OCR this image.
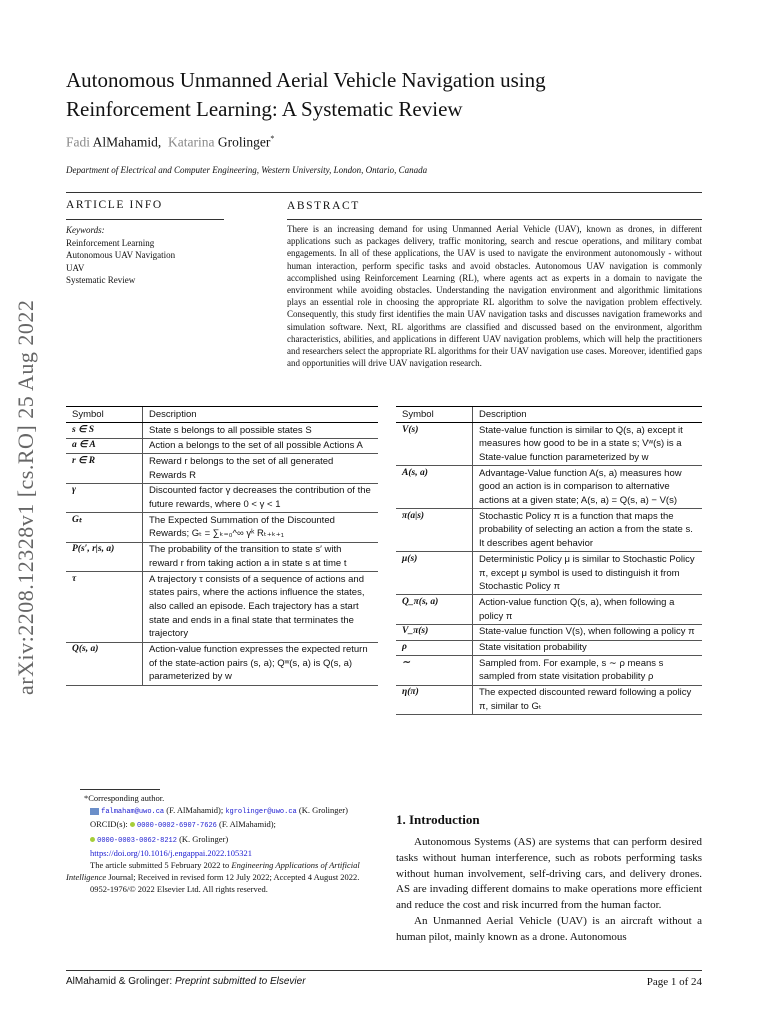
arXiv:2208.12328v1 [cs.RO] 25 Aug 2022
Autonomous Unmanned Aerial Vehicle Navigation using
Reinforcement Learning: A Systematic Review
Fadi AlMahamid,  Katarina Grolinger*
Department of Electrical and Computer Engineering, Western University, London, Ontario, Canada
ARTICLE INFO	ABSTRACT
Keywords:
Reinforcement Learning
Autonomous UAV Navigation
UAV
Systematic Review
There is an increasing demand for using Unmanned Aerial Vehicle (UAV), known as drones, in different applications such as packages delivery, traffic monitoring, search and rescue operations, and military combat engagements. In all of these applications, the UAV is used to navigate the environment autonomously - without human interaction, perform specific tasks and avoid obstacles. Autonomous UAV navigation is commonly accomplished using Reinforcement Learning (RL), where agents act as experts in a domain to navigate the environment while avoiding obstacles. Understanding the navigation environment and algorithmic limitations plays an essential role in choosing the appropriate RL algorithm to solve the navigation problem effectively. Consequently, this study first identifies the main UAV navigation tasks and discusses navigation frameworks and simulation software. Next, RL algorithms are classified and discussed based on the environment, algorithm characteristics, abilities, and applications in different UAV navigation problems, which will help the practitioners and researchers select the appropriate RL algorithms for their UAV navigation use cases. Moreover, identified gaps and opportunities will drive UAV navigation research.
Symbol	Description
s ∈ S	State s belongs to all possible states S
a ∈ A	Action a belongs to the set of all possible Actions A
r ∈ R	Reward r belongs to the set of all generated Rewards R
γ	Discounted factor γ decreases the contribution of the future rewards, where 0 < γ < 1
Gₜ	The Expected Summation of the Discounted Rewards; Gₜ = ∑ₖ₌₀^∞ γᵏ Rₜ₊ₖ₊₁
P(s′, r|s, a)	The probability of the transition to state s′ with reward r from taking action a in state s at time t
τ	A trajectory τ consists of a sequence of actions and states pairs, where the actions influence the states, also called an episode. Each trajectory has a start state and ends in a final state that terminates the trajectory
Q(s, a)	Action-value function expresses the expected return of the state-action pairs (s, a); Qʷ(s, a) is Q(s, a) parameterized by w
Symbol	Description
V(s)	State-value function is similar to Q(s, a) except it measures how good to be in a state s; Vʷ(s) is a State-value function parameterized by w
A(s, a)	Advantage-Value function A(s, a) measures how good an action is in comparison to alternative actions at a given state; A(s, a) = Q(s, a) − V(s)
π(a|s)	Stochastic Policy π is a function that maps the probability of selecting an action a from the state s. It describes agent behavior
μ(s)	Deterministic Policy μ is similar to Stochastic Policy π, except μ symbol is used to distinguish it from Stochastic Policy π
Q_π(s, a)	Action-value function Q(s, a), when following a policy π
V_π(s)	State-value function V(s), when following a policy π
ρ	State visitation probability
∼	Sampled from. For example, s ∼ ρ means s sampled from state visitation probability ρ
η(π)	The expected discounted reward following a policy π, similar to Gₜ
*Corresponding author.
falmaham@uwo.ca (F. AlMahamid); kgrolinger@uwo.ca (K. Grolinger)
ORCID(s):  0000-0002-6907-7626 (F. AlMahamid);
0000-0003-0062-8212 (K. Grolinger)
https://doi.org/10.1016/j.engappai.2022.105321
The article submitted 5 February 2022 to Engineering Applications of Artificial Intelligence Journal; Received in revised form 12 July 2022; Accepted 4 August 2022.
0952-1976/© 2022 Elsevier Ltd. All rights reserved.
1. Introduction

Autonomous Systems (AS) are systems that can perform desired tasks without human interference, such as robots performing tasks without human involvement, self-driving cars, and delivery drones. AS are invading different domains to make operations more efficient and reduce the cost and risk incurred from the human factor.

An Unmanned Aerial Vehicle (UAV) is an aircraft without a human pilot, mainly known as a drone. Autonomous

AlMahamid & Grolinger: Preprint submitted to Elsevier	Page 1 of 24
